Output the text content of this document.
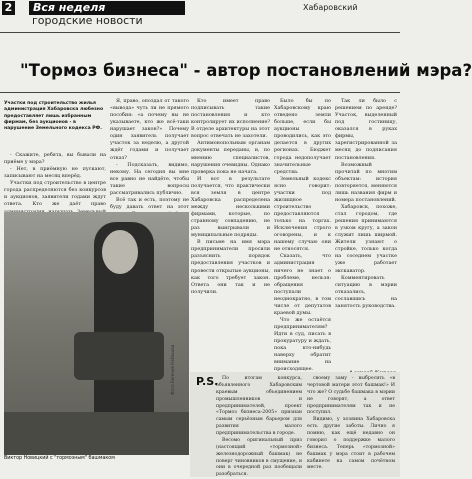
2	Вся неделя	Хабаровский
городские новости
"Тормоз бизнеса" - автор постановлений мэра?
Участки под строительство жилья администрация Хабаровска любезно предоставляет лишь избранным фирмам, без аукционов - в нарушение Земельного кодекса РФ.

- Скажите, ребята, вы бывали на приёме у мэра?

- Нет, в приёмную не пускают, записывают на месяц вперёд.

Участки под строительство в центре города распределяются без конкурсов и аукционов, заявители годами ждут ответа. Кто же даёт право

Я, право, опоздал от такого «вывода» чуть ли не прямого пособия: «а почему вы не указываете, кто же всё-таки нарушает закон?» Почему один заявитель получает участок за неделю, а другой ждёт годами и получает отказ?

- Подсказать, видимо, некому. На сегодня вы мне все равно не найдёте, чтобы такие вопросы рассматривались публично.

Всё так и есть, поэтому не буду давать ответ на этот

Кто имеет право подписывать такие постановления и кто контролирует их исполнение? В отделе архитектуры на этот вопрос отвечать не захотели.

Антимонопольным органам документы переданы, и, по мнению специалистов, нарушения очевидны. Однако проверка пока не начата.

И вот в результате получается, что практически вся земля в центре Хабаровска распределена между несколькими фирмами, которые, по странному совпадению, не раз выигрывали и муниципальные подряды.

В письме на имя мэра предприниматели просили разъяснить порядок предоставления участков и провести открытые аукционы, как того требует закон. Ответа они так и не получили.

Было бы по Хабаровскому краю отведено земли больше, если бы аукционы проводились, как это делается в других регионах. Бюджет города недополучает значительные средства.

Земельный кодекс ясно говорит: участки под жилищное строительство предоставляются только на торгах. Исключения строго оговорены, и к нашему случаю они не относятся.

Сказать, что администрация ничего не знает о проблеме, нельзя: обращения поступали неоднократно, в том числе от депутатов краевой думы.

Что же остаётся предпринимателям? Идти в суд, писать в прокуратуру и ждать, пока кто-нибудь наверху обратит внимание на происходящее.

Так ли было с решением по аренде? Участок, выделенный под гостиницу, оказался в руках фирмы, зарегистрированной за месяц до подписания постановления.

Возможный прочитай по многим объектам: история повторяется, меняются лишь названия фирм и номера постановлений.

Хабаровск, похоже, стал городом, где решения принимаются в узком кругу, а закон служит лишь ширмой. Жители узнают о стройке, только когда на соседнем участке уже работает экскаватор.

Комментировать ситуацию в мэрии отказались, сославшись на занятость руководства.

Фото Евгения Кабакова
Виктор Новицкий с "тормозным" башмаком
P.S. По итогам конкурса, объявленного Хабаровским краевым объединением промышленников и предпринимателей, проект «Тормоз бизнеса-2005» признан самым серьёзным барьером для развития малого предпринимательства в городе.

Весомо оригинальный приз (настоящий «тормозной» железнодорожный башмак) не поверг чиновников в смущение, и они в очередной раз пообещали разобраться.

своему заму - выбросить «в чертовой матери этот башмак!» И что же? О судьбе башмака в мэрии не говорят, а ответ предпринимателям так и не поступил.

Видимо, у хозяина Хабаровска есть другие заботы. Лично я помню, как ещё недавно он говорил о поддержке малого бизнеса. Теперь «тормозной» башмак у мэра стоит в рабочем кабинете на самом почётном месте.
